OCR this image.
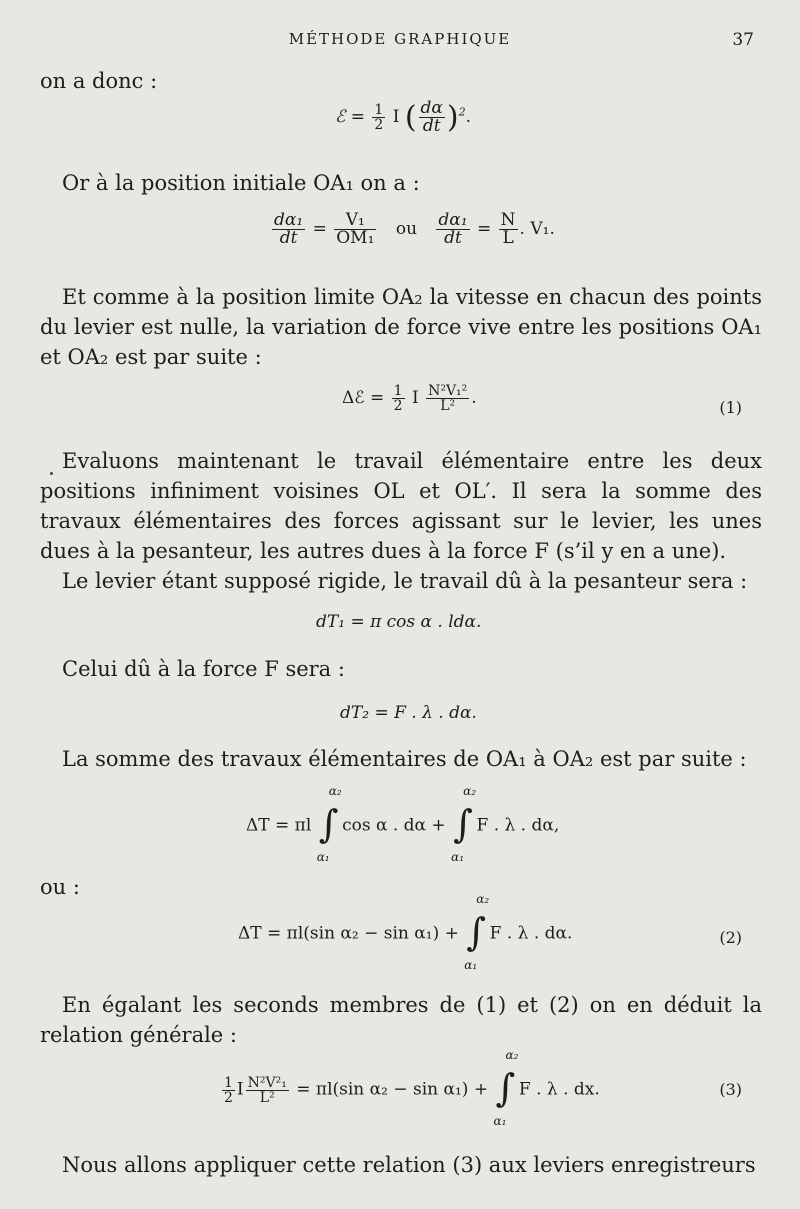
MÉTHODE GRAPHIQUE	37

on a donc :

ℰ = $\frac{1}{2}$ I ( $\frac{d\alpha}{dt} )^2$.

Or à la position initiale OA₁ on a :

$\frac{\text{dα₁}}{dt} = \frac{\text{V₁}}{\text{OM₁}}$ ou $\frac{\text{dα₁}}{dt} = \frac{N}{L}$ . V₁.

Et comme à la position limite OA₂ la vitesse en chacun des points du levier est nulle, la variation de force vive entre les positions OA₁ et OA₂ est par suite :

Δℰ = $\frac{1}{2}$ I $\frac{\text{N²V₁²}}{\text{L²}}$ .	(1)

Evaluons maintenant le travail élémentaire entre les deux positions infiniment voisines OL et OL′. Il sera la somme des travaux élémentaires des forces agissant sur le levier, les unes dues à la pesanteur, les autres dues à la force F (s’il y en a une).

Le levier étant supposé rigide, le travail dû à la pesanteur sera :

dT₁ = π cos α . ldα.

Celui dû à la force F sera :

dT₂ = F . λ . dα.

La somme des travaux élémentaires de OA₁ à OA₂ est par suite :

ΔT = πl
α₂
∫
α₁
cos α . dα +
α₂
∫
α₁
F . λ . dα,

ou :

ΔT = πl(sin α₂ − sin α₁) +
α₂
∫
α₁
F . λ . dα.	(2)

En égalant les seconds membres de (1) et (2) on en déduit la relation générale :

$\frac{1}{2}$ I $\frac{\text{N²V²₁}}{\text{L²}} = \pi l(\sin$ α₂ − sin α₁) +
α₂
∫
α₁
F . λ . dx.	(3)

Nous allons appliquer cette relation (3) aux leviers enregistreurs
